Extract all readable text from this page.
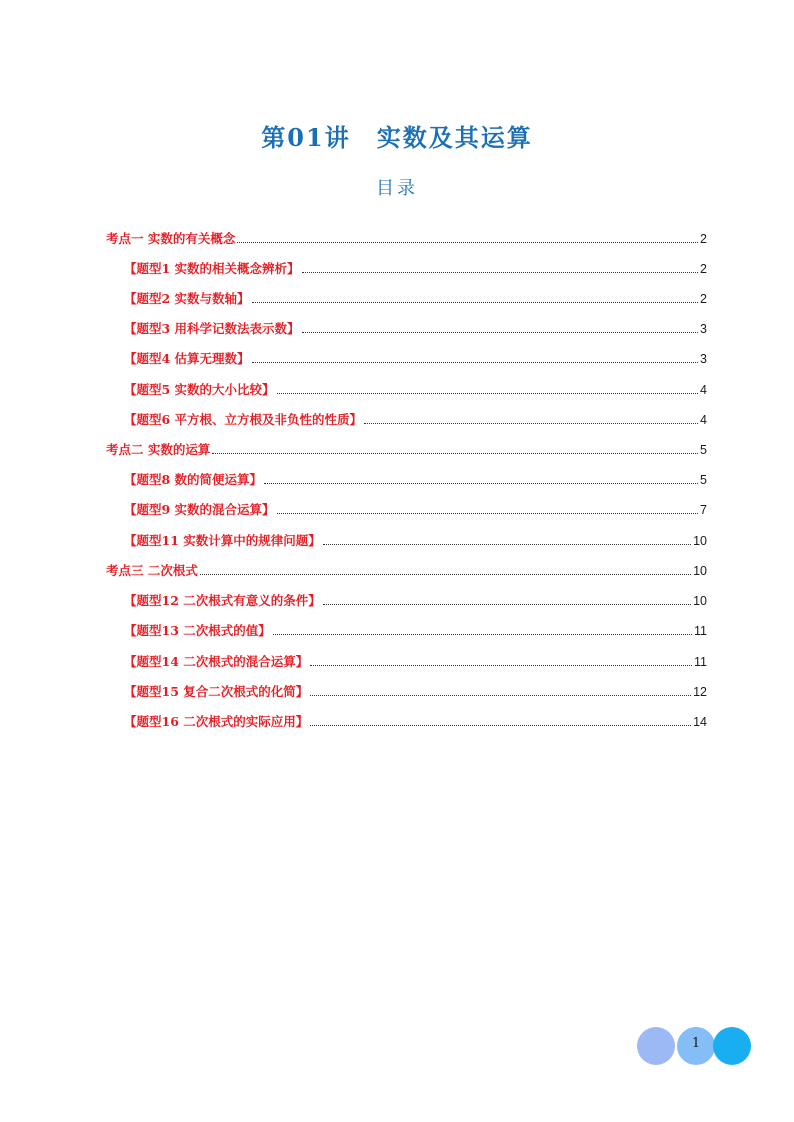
第01讲 实数及其运算
目录
考点一 实数的有关概念	2
【题型1 实数的相关概念辨析】	2
【题型2 实数与数轴】	2
【题型3 用科学记数法表示数】	3
【题型4 估算无理数】	3
【题型5 实数的大小比较】	4
【题型6 平方根、立方根及非负性的性质】	4
考点二 实数的运算	5
【题型8 数的简便运算】	5
【题型9 实数的混合运算】	7
【题型11 实数计算中的规律问题】	10
考点三 二次根式	10
【题型12 二次根式有意义的条件】	10
【题型13 二次根式的值】	11
【题型14 二次根式的混合运算】	11
【题型15 复合二次根式的化简】	12
【题型16 二次根式的实际应用】	14
1
